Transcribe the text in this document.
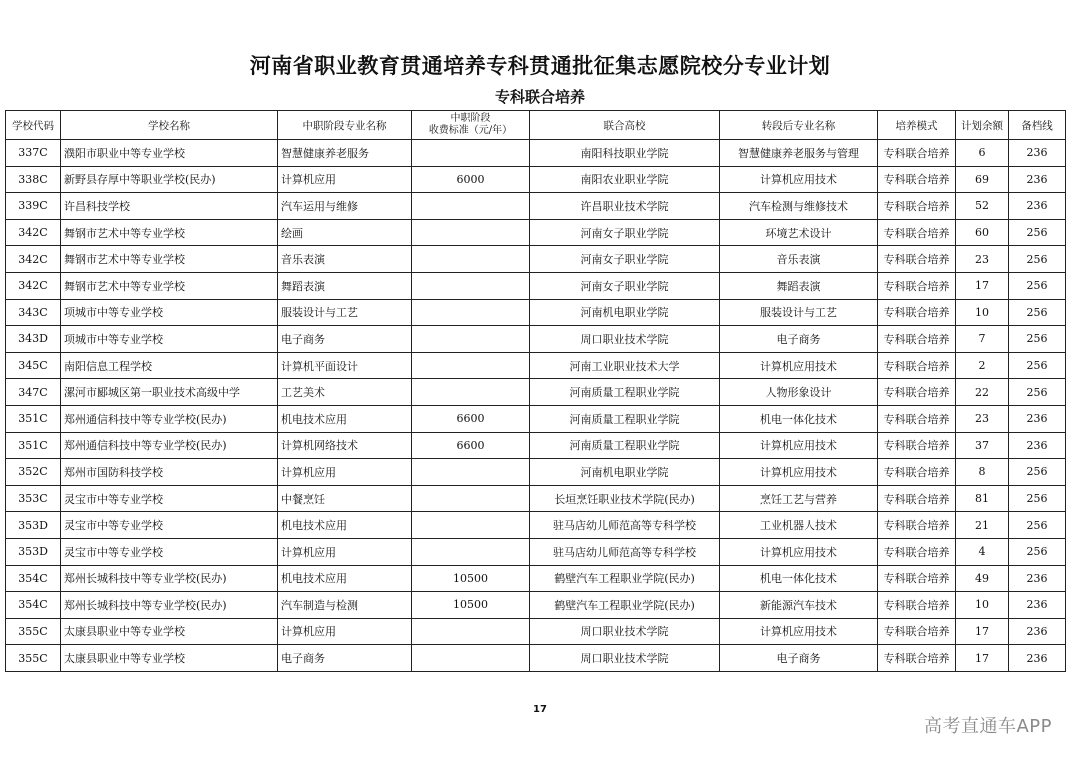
河南省职业教育贯通培养专科贯通批征集志愿院校分专业计划
专科联合培养
学校代码	学校名称	中职阶段专业名称	中职阶段
收费标准（元/年）	联合高校	转段后专业名称	培养模式	计划余额	备档线
337C	濮阳市职业中等专业学校	智慧健康养老服务		南阳科技职业学院	智慧健康养老服务与管理	专科联合培养	6	236
338C	新野县存厚中等职业学校(民办)	计算机应用	6000	南阳农业职业学院	计算机应用技术	专科联合培养	69	236
339C	许昌科技学校	汽车运用与维修		许昌职业技术学院	汽车检测与维修技术	专科联合培养	52	236
342C	舞钢市艺术中等专业学校	绘画		河南女子职业学院	环境艺术设计	专科联合培养	60	256
342C	舞钢市艺术中等专业学校	音乐表演		河南女子职业学院	音乐表演	专科联合培养	23	256
342C	舞钢市艺术中等专业学校	舞蹈表演		河南女子职业学院	舞蹈表演	专科联合培养	17	256
343C	项城市中等专业学校	服装设计与工艺		河南机电职业学院	服装设计与工艺	专科联合培养	10	256
343D	项城市中等专业学校	电子商务		周口职业技术学院	电子商务	专科联合培养	7	256
345C	南阳信息工程学校	计算机平面设计		河南工业职业技术大学	计算机应用技术	专科联合培养	2	256
347C	漯河市郾城区第一职业技术高级中学	工艺美术		河南质量工程职业学院	人物形象设计	专科联合培养	22	256
351C	郑州通信科技中等专业学校(民办)	机电技术应用	6600	河南质量工程职业学院	机电一体化技术	专科联合培养	23	236
351C	郑州通信科技中等专业学校(民办)	计算机网络技术	6600	河南质量工程职业学院	计算机应用技术	专科联合培养	37	236
352C	郑州市国防科技学校	计算机应用		河南机电职业学院	计算机应用技术	专科联合培养	8	256
353C	灵宝市中等专业学校	中餐烹饪		长垣烹饪职业技术学院(民办)	烹饪工艺与营养	专科联合培养	81	256
353D	灵宝市中等专业学校	机电技术应用		驻马店幼儿师范高等专科学校	工业机器人技术	专科联合培养	21	256
353D	灵宝市中等专业学校	计算机应用		驻马店幼儿师范高等专科学校	计算机应用技术	专科联合培养	4	256
354C	郑州长城科技中等专业学校(民办)	机电技术应用	10500	鹤壁汽车工程职业学院(民办)	机电一体化技术	专科联合培养	49	236
354C	郑州长城科技中等专业学校(民办)	汽车制造与检测	10500	鹤壁汽车工程职业学院(民办)	新能源汽车技术	专科联合培养	10	236
355C	太康县职业中等专业学校	计算机应用		周口职业技术学院	计算机应用技术	专科联合培养	17	236
355C	太康县职业中等专业学校	电子商务		周口职业技术学院	电子商务	专科联合培养	17	236
17
高考直通车APP
